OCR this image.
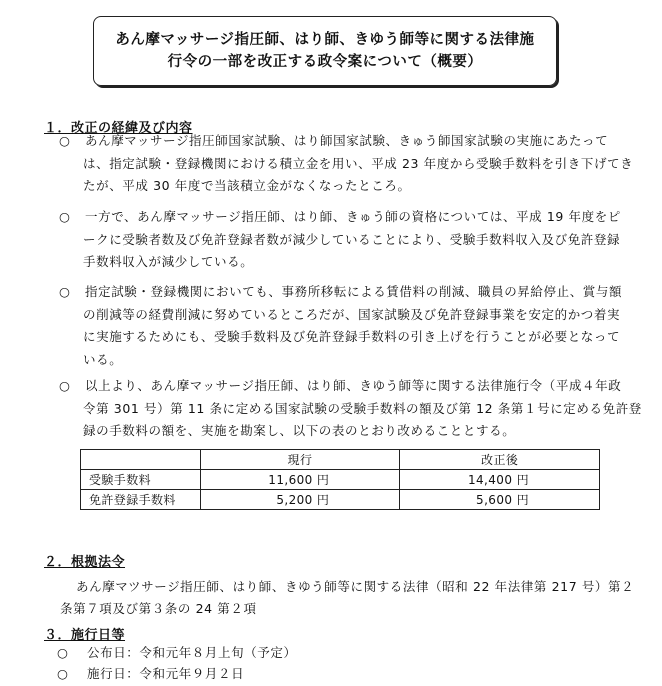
あん摩マッサージ指圧師、はり師、きゆう師等に関する法律施
行令の一部を改正する政令案について（概要）
１．改正の経緯及び内容
○ あん摩マッサージ指圧師国家試験、はり師国家試験、きゅう師国家試験の実施にあたって
は、指定試験・登録機関における積立金を用い、平成 23 年度から受験手数料を引き下げてき
たが、平成 30 年度で当該積立金がなくなったところ。
○ 一方で、あん摩マッサージ指圧師、はり師、きゅう師の資格については、平成 19 年度をピ
ークに受験者数及び免許登録者数が減少していることにより、受験手数料収入及び免許登録
手数料収入が減少している。
○ 指定試験・登録機関においても、事務所移転による賃借料の削減、職員の昇給停止、賞与額
の削減等の経費削減に努めているところだが、国家試験及び免許登録事業を安定的かつ着実
に実施するためにも、受験手数料及び免許登録手数料の引き上げを行うことが必要となって
いる。
○ 以上より、あん摩マッサージ指圧師、はり師、きゆう師等に関する法律施行令（平成４年政
令第 301 号）第 11 条に定める国家試験の受験手数料の額及び第 12 条第１号に定める免許登
録の手数料の額を、実施を勘案し、以下の表のとおり改めることとする。
	現行	改正後
受験手数料	11,600 円	14,400 円
免許登録手数料	5,200 円	5,600 円
２．根拠法令
あん摩マツサージ指圧師、はり師、きゆう師等に関する法律（昭和 22 年法律第 217 号）第２
条第７項及び第３条の 24 第２項
３．施行日等
○ 公布日：令和元年８月上旬（予定）
○ 施行日：令和元年９月２日
